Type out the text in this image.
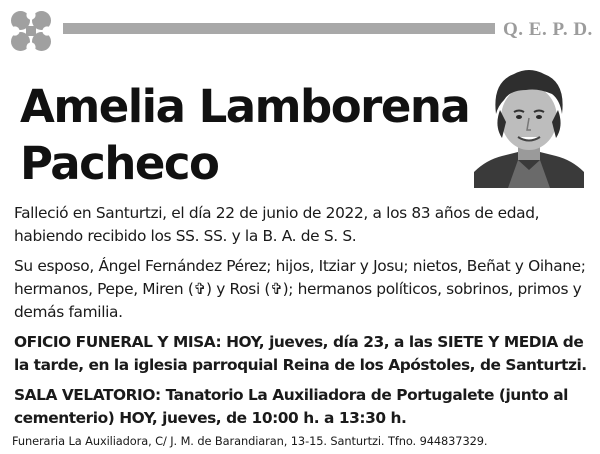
Q. E. P. D.
Amelia Lamborena
Pacheco

Falleció en Santurtzi, el día 22 de junio de 2022, a los 83 años de edad, habiendo recibido los SS. SS. y la B. A. de S. S.

Su esposo, Ángel Fernández Pérez; hijos, Itziar y Josu; nietos, Beñat y Oihane; hermanos, Pepe, Miren (✞) y Rosi (✞); hermanos políticos, sobrinos, primos y demás familia.

OFICIO FUNERAL Y MISA: HOY, jueves, día 23, a las SIETE Y MEDIA de la tarde, en la iglesia parroquial Reina de los Apóstoles, de Santurtzi.

SALA VELATORIO: Tanatorio La Auxiliadora de Portugalete (junto al cementerio) HOY, jueves, de 10:00 h. a 13:30 h.

Funeraria La Auxiliadora, C/ J. M. de Barandiaran, 13-15. Santurtzi. Tfno. 944837329.
